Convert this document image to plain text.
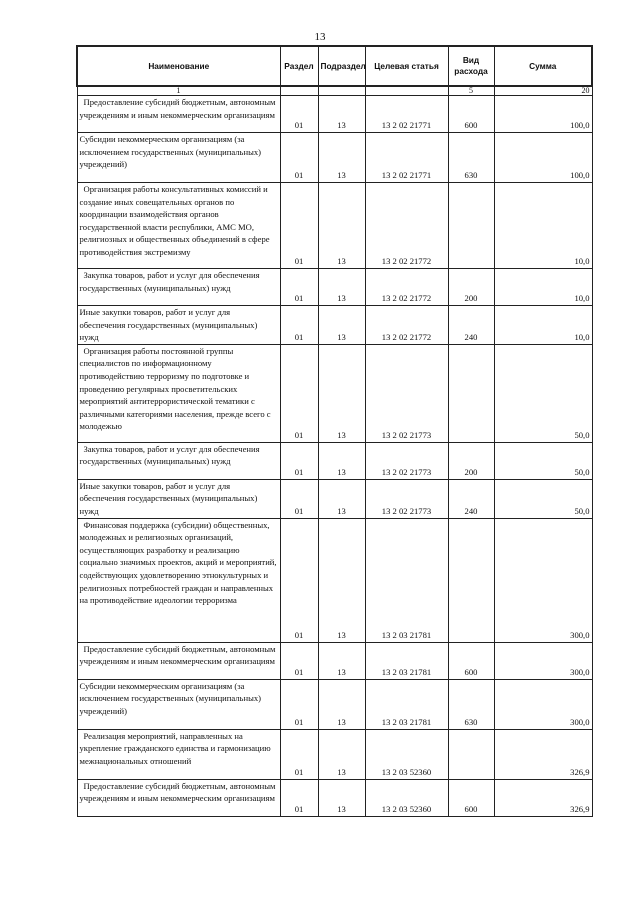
13
Наименование	Раздел	Подраздел	Целевая статья	Вид расхода	Сумма
1				5	20
Предоставление субсидий бюджетным, автономным учреждениям и иным некоммерческим организациям	01	13	13 2 02 21771	600	100,0
Субсидии некоммерческим организациям (за исключением государственных (муниципальных) учреждений)	01	13	13 2 02 21771	630	100,0
Организация работы консультативных комиссий и создание иных совещательных органов по координации взаимодействия органов государственной власти республики, АМС МО, религиозных и общественных объединений в сфере противодействия экстремизму	01	13	13 2 02 21772		10,0
Закупка товаров, работ и услуг для обеспечения государственных (муниципальных) нужд	01	13	13 2 02 21772	200	10,0
Иные закупки товаров, работ и услуг для обеспечения государственных (муниципальных) нужд	01	13	13 2 02 21772	240	10,0
Организация работы постоянной группы специалистов по информационному противодействию терроризму по подготовке и проведению регулярных просветительских мероприятий антитеррористической тематики с различными категориями населения, прежде всего с молодежью	01	13	13 2 02 21773		50,0
Закупка товаров, работ и услуг для обеспечения государственных (муниципальных) нужд	01	13	13 2 02 21773	200	50,0
Иные закупки товаров, работ и услуг для обеспечения государственных (муниципальных) нужд	01	13	13 2 02 21773	240	50,0
Финансовая поддержка (субсидии) общественных, молодежных и религиозных организаций, осуществляющих разработку и реализацию социально значимых проектов, акций и мероприятий, содействующих удовлетворению этнокультурных и религиозных потребностей граждан и направленных на противодействие идеологии терроризма	01	13	13 2 03 21781		300,0
Предоставление субсидий бюджетным, автономным учреждениям и иным некоммерческим организациям	01	13	13 2 03 21781	600	300,0
Субсидии некоммерческим организациям (за исключением государственных (муниципальных) учреждений)	01	13	13 2 03 21781	630	300,0
Реализация мероприятий, направленных на укрепление гражданского единства и гармонизацию межнациональных отношений	01	13	13 2 03 52360		326,9
Предоставление субсидий бюджетным, автономным учреждениям и иным некоммерческим организациям	01	13	13 2 03 52360	600	326,9
